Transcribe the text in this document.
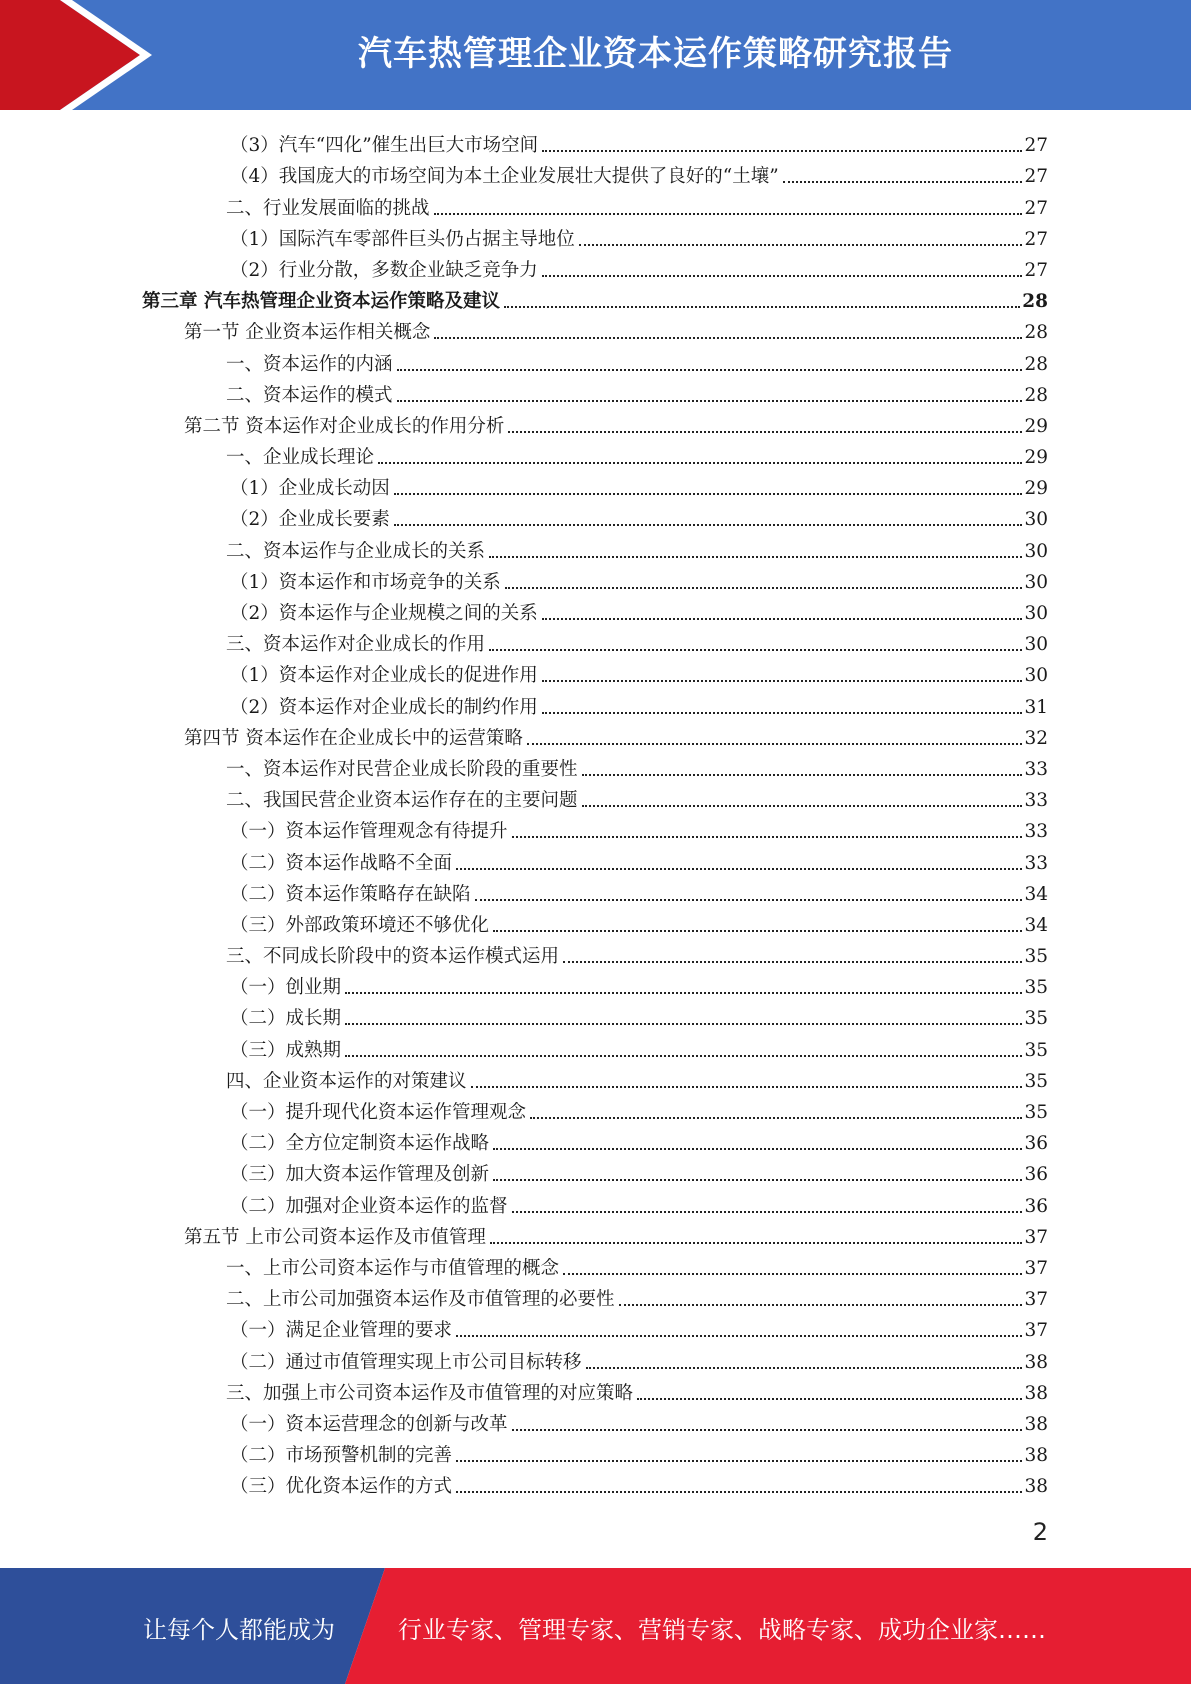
汽车热管理企业资本运作策略研究报告
（3）汽车“四化”催生出巨大市场空间	27
（4）我国庞大的市场空间为本土企业发展壮大提供了良好的“土壤”	27
二、行业发展面临的挑战	27
（1）国际汽车零部件巨头仍占据主导地位	27
（2）行业分散，多数企业缺乏竞争力	27
第三章 汽车热管理企业资本运作策略及建议	28
第一节 企业资本运作相关概念	28
一、资本运作的内涵	28
二、资本运作的模式	28
第二节 资本运作对企业成长的作用分析	29
一、企业成长理论	29
（1）企业成长动因	29
（2）企业成长要素	30
二、资本运作与企业成长的关系	30
（1）资本运作和市场竞争的关系	30
（2）资本运作与企业规模之间的关系	30
三、资本运作对企业成长的作用	30
（1）资本运作对企业成长的促进作用	30
（2）资本运作对企业成长的制约作用	31
第四节 资本运作在企业成长中的运营策略	32
一、资本运作对民营企业成长阶段的重要性	33
二、我国民营企业资本运作存在的主要问题	33
（一）资本运作管理观念有待提升	33
（二）资本运作战略不全面	33
（二）资本运作策略存在缺陷	34
（三）外部政策环境还不够优化	34
三、不同成长阶段中的资本运作模式运用	35
（一）创业期	35
（二）成长期	35
（三）成熟期	35
四、企业资本运作的对策建议	35
（一）提升现代化资本运作管理观念	35
（二）全方位定制资本运作战略	36
（三）加大资本运作管理及创新	36
（二）加强对企业资本运作的监督	36
第五节 上市公司资本运作及市值管理	37
一、上市公司资本运作与市值管理的概念	37
二、上市公司加强资本运作及市值管理的必要性	37
（一）满足企业管理的要求	37
（二）通过市值管理实现上市公司目标转移	38
三、加强上市公司资本运作及市值管理的对应策略	38
（一）资本运营理念的创新与改革	38
（二）市场预警机制的完善	38
（三）优化资本运作的方式	38
2
让每个人都能成为	行业专家、管理专家、营销专家、战略专家、成功企业家……
